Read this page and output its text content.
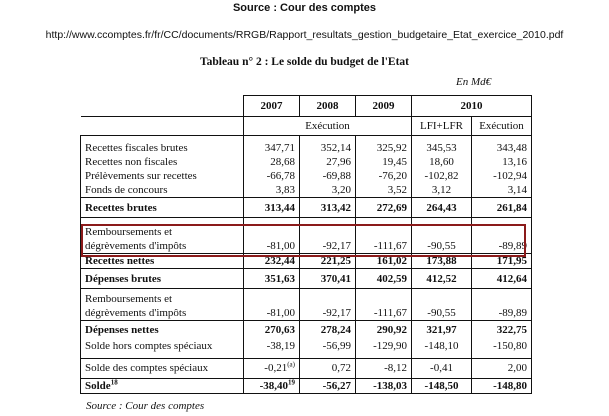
Source : Cour des comptes
http://www.ccomptes.fr/fr/CC/documents/RRGB/Rapport_resultats_gestion_budgetaire_Etat_exercice_2010.pdf
Tableau n° 2 : Le solde du budget de l'Etat
En Md€
	2007	2008	2009	2010	
	Exécution			LFI+LFR	Exécution

Recettes fiscales brutes	347,71	352,14	325,92	345,53	343,48
Recettes non fiscales	28,68	27,96	19,45	18,60	13,16
Prélèvements sur recettes	-66,78	-69,88	-76,20	-102,82	-102,94
Fonds de concours	3,83	3,20	3,52	3,12	3,14
Recettes brutes	313,44	313,42	272,69	264,43	261,84
Remboursements et
dégrèvements d'impôts	-81,00	-92,17	-111,67	-90,55	-89,89
Recettes nettes	232,44	221,25	161,02	173,88	171,95
Dépenses brutes	351,63	370,41	402,59	412,52	412,64
Remboursements et
dégrèvements d'impôts	-81,00	-92,17	-111,67	-90,55	-89,89
Dépenses nettes	270,63	278,24	290,92	321,97	322,75
Solde hors comptes spéciaux	-38,19	-56,99	-129,90	-148,10	-150,80

Solde des comptes spéciaux	-0,21$^{(a)}$	0,72	-8,12	-0,41	2,00
Solde$^{18}$	-38,40$^{19}$	-56,27	-138,03	-148,50	-148,80
Source : Cour des comptes
